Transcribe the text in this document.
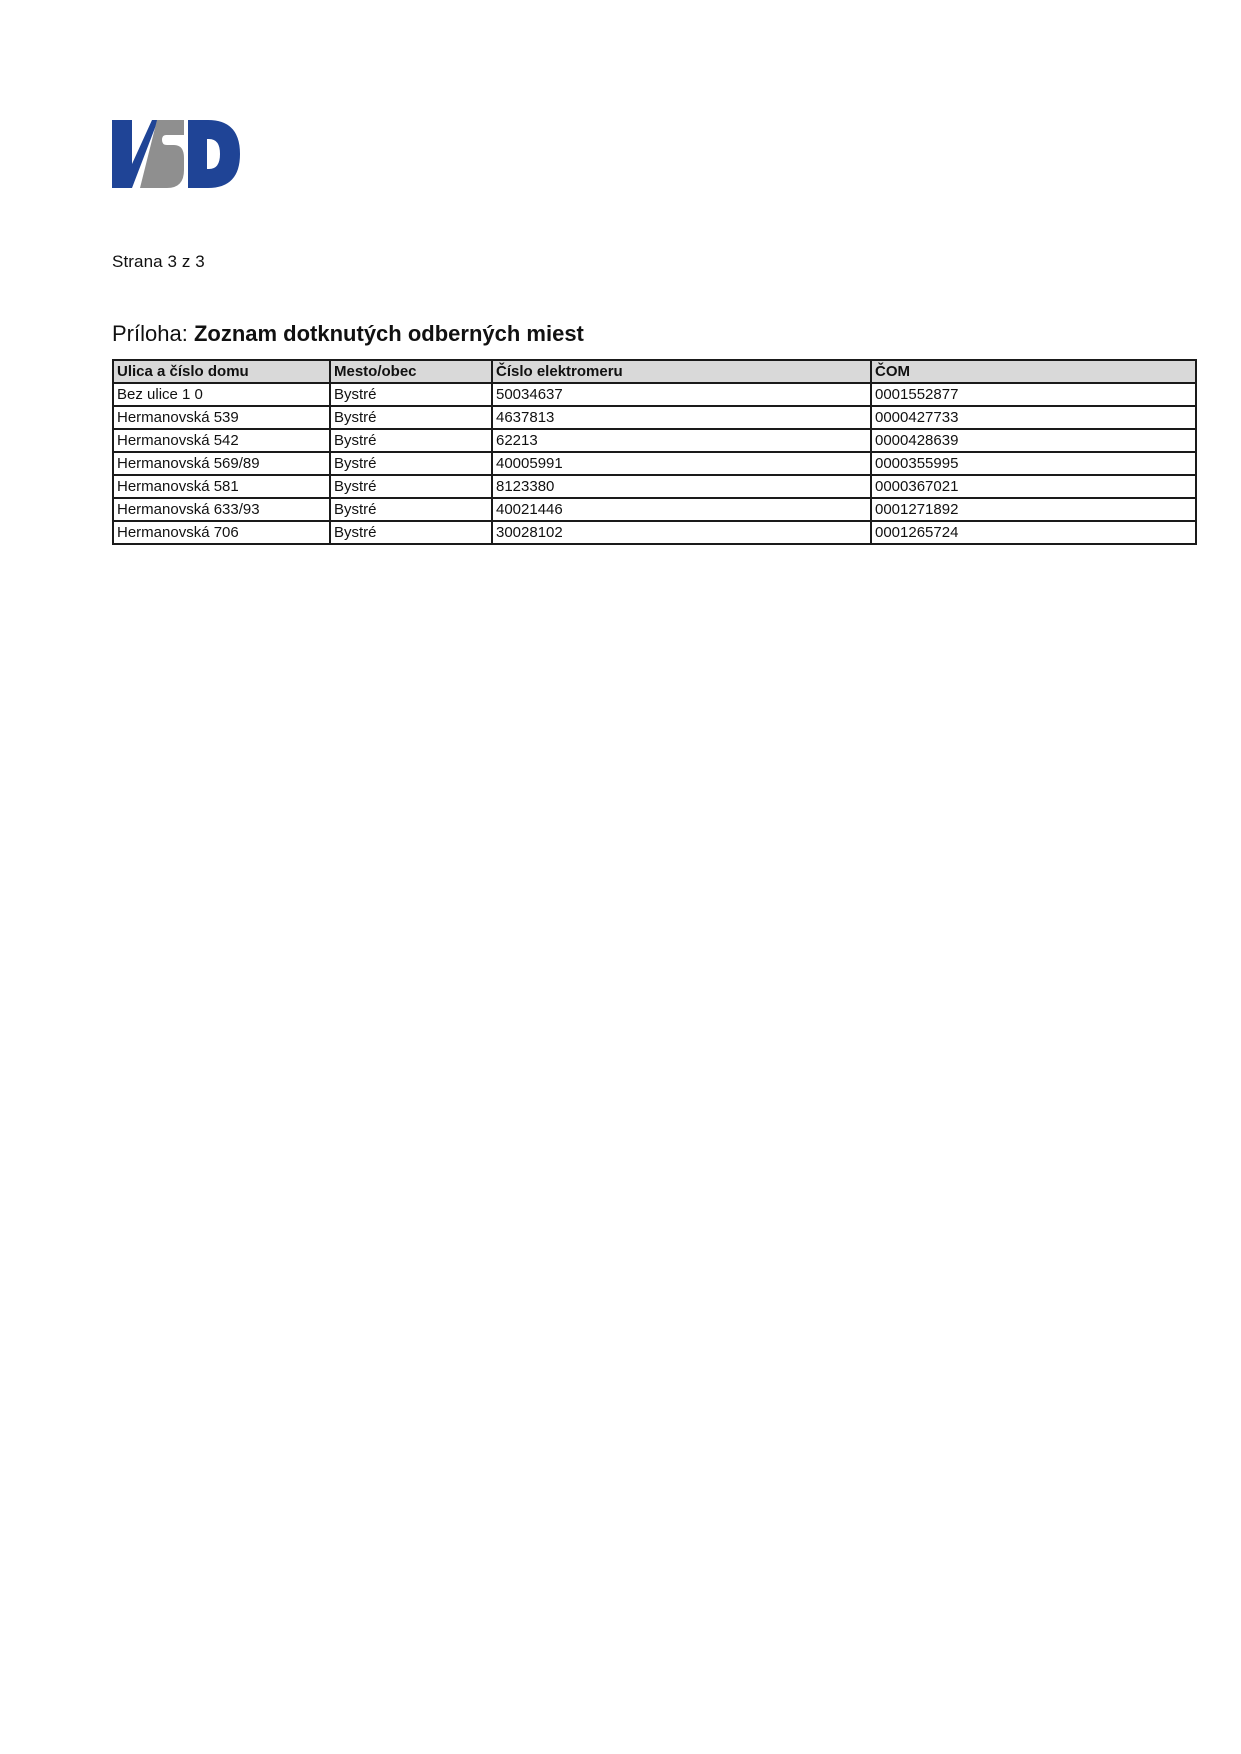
Strana 3 z 3
Príloha: Zoznam dotknutých odberných miest
Ulica a číslo domu	Mesto/obec	Číslo elektromeru	ČOM
Bez ulice 1 0	Bystré	50034637	0001552877
Hermanovská 539	Bystré	4637813	0000427733
Hermanovská 542	Bystré	62213	0000428639
Hermanovská 569/89	Bystré	40005991	0000355995
Hermanovská 581	Bystré	8123380	0000367021
Hermanovská 633/93	Bystré	40021446	0001271892
Hermanovská 706	Bystré	30028102	0001265724
